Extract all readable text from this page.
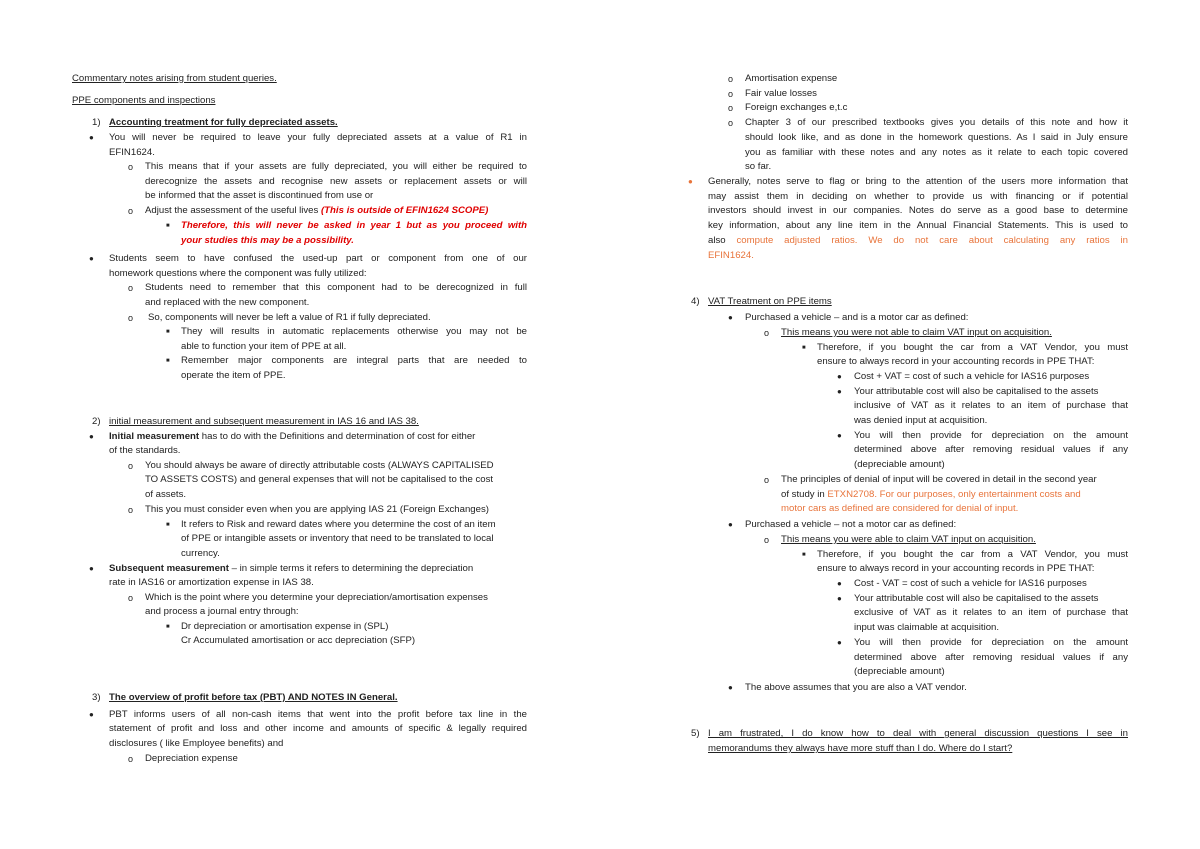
Commentary notes arising from student queries.
PPE components and inspections
1) Accounting treatment for fully depreciated assets.
● You will never be required to leave your fully depreciated assets at a value of R1 in
EFIN1624.
o This means that if your assets are fully depreciated, you will either be required to
derecognize the assets and recognise new assets or replacement assets or will
be informed that the asset is discontinued from use or
o Adjust the assessment of the useful lives (This is outside of EFIN1624 SCOPE)
■ Therefore, this will never be asked in year 1 but as you proceed with
your studies this may be a possibility.
● Students seem to have confused the used-up part or component from one of our
homework questions where the component was fully utilized:
o Students need to remember that this component had to be derecognized in full
and replaced with the new component.
o So, components will never be left a value of R1 if fully depreciated.
■ They will results in automatic replacements otherwise you may not be
able to function your item of PPE at all.
■ Remember major components are integral parts that are needed to
operate the item of PPE.
2) initial measurement and subsequent measurement in IAS 16 and IAS 38.
● Initial measurement has to do with the Definitions and determination of cost for either
of the standards.
o You should always be aware of directly attributable costs (ALWAYS CAPITALISED
TO ASSETS COSTS) and general expenses that will not be capitalised to the cost
of assets.
o This you must consider even when you are applying IAS 21 (Foreign Exchanges)
■ It refers to Risk and reward dates where you determine the cost of an item
of PPE or intangible assets or inventory that need to be translated to local
currency.
● Subsequent measurement – in simple terms it refers to determining the depreciation
rate in IAS16 or amortization expense in IAS 38.
o Which is the point where you determine your depreciation/amortisation expenses
and process a journal entry through:
■ Dr depreciation or amortisation expense in (SPL)
Cr Accumulated amortisation or acc depreciation (SFP)
3) The overview of profit before tax (PBT) AND NOTES IN General.
● PBT informs users of all non-cash items that went into the profit before tax line in the
statement of profit and loss and other income and amounts of specific & legally required
disclosures ( like Employee benefits) and
o Depreciation expense
o Amortisation expense
o Fair value losses
o Foreign exchanges e,t.c
o Chapter 3 of our prescribed textbooks gives you details of this note and how it
should look like, and as done in the homework questions. As I said in July ensure
you as familiar with these notes and any notes as it relate to each topic covered
so far.
● Generally, notes serve to flag or bring to the attention of the users more information that
may assist them in deciding on whether to provide us with financing or if potential
investors should invest in our companies. Notes do serve as a good base to determine
key information, about any line item in the Annual Financial Statements. This is used to
also compute adjusted ratios. We do not care about calculating any ratios in
EFIN1624.
4) VAT Treatment on PPE items
● Purchased a vehicle – and is a motor car as defined:
o This means you were not able to claim VAT input on acquisition.
■ Therefore, if you bought the car from a VAT Vendor, you must
ensure to always record in your accounting records in PPE THAT:
● Cost + VAT = cost of such a vehicle for IAS16 purposes
● Your attributable cost will also be capitalised to the assets
inclusive of VAT as it relates to an item of purchase that
was denied input at acquisition.
● You will then provide for depreciation on the amount
determined above after removing residual values if any
(depreciable amount)
o The principles of denial of input will be covered in detail in the second year
of study in ETXN2708. For our purposes, only entertainment costs and
motor cars as defined are considered for denial of input.
● Purchased a vehicle – not a motor car as defined:
o This means you were able to claim VAT input on acquisition.
■ Therefore, if you bought the car from a VAT Vendor, you must
ensure to always record in your accounting records in PPE THAT:
● Cost - VAT = cost of such a vehicle for IAS16 purposes
● Your attributable cost will also be capitalised to the assets
exclusive of VAT as it relates to an item of purchase that
input was claimable at acquisition.
● You will then provide for depreciation on the amount
determined above after removing residual values if any
(depreciable amount)
● The above assumes that you are also a VAT vendor.
5) I am frustrated, I do know how to deal with general discussion questions I see in
memorandums they always have more stuff than I do. Where do I start?
